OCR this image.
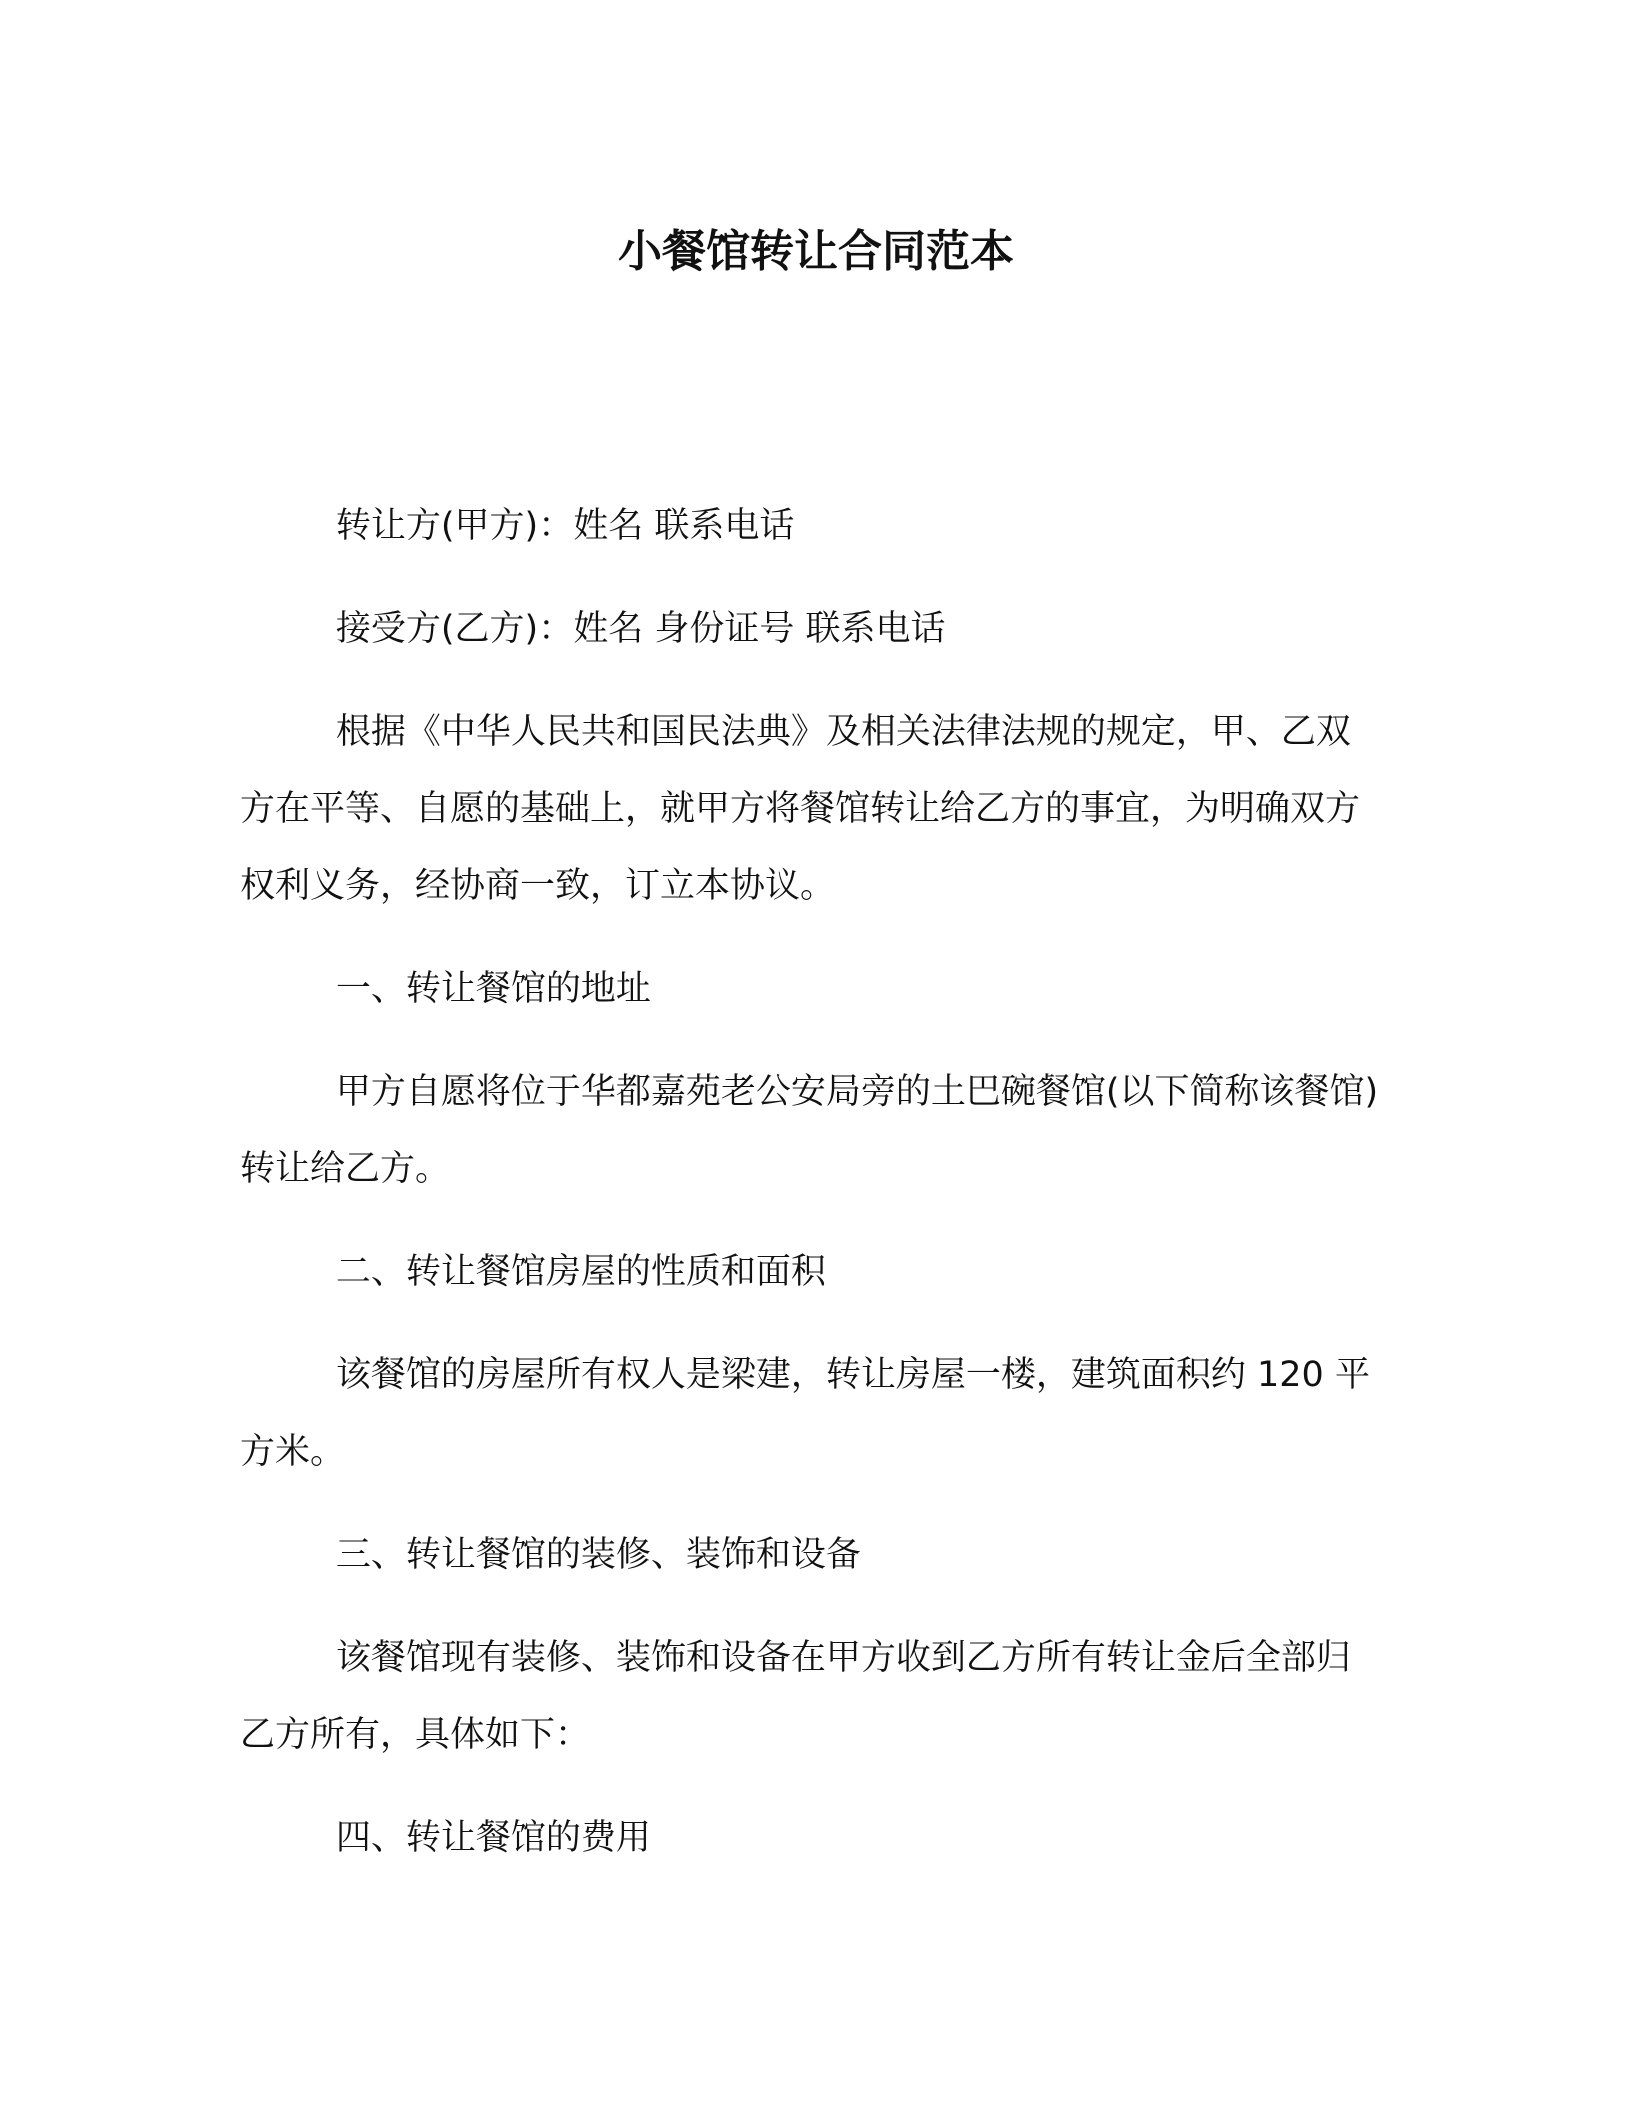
小餐馆转让合同范本

转让方(甲方)：姓名 联系电话

接受方(乙方)：姓名 身份证号 联系电话

根据《中华人民共和国民法典》及相关法律法规的规定，甲、乙双方在平等、自愿的基础上，就甲方将餐馆转让给乙方的事宜，为明确双方权利义务，经协商一致，订立本协议。

一、转让餐馆的地址

甲方自愿将位于华都嘉苑老公安局旁的土巴碗餐馆(以下简称该餐馆)转让给乙方。

二、转让餐馆房屋的性质和面积

该餐馆的房屋所有权人是梁建，转让房屋一楼，建筑面积约 120 平方米。

三、转让餐馆的装修、装饰和设备

该餐馆现有装修、装饰和设备在甲方收到乙方所有转让金后全部归乙方所有，具体如下：

四、转让餐馆的费用
